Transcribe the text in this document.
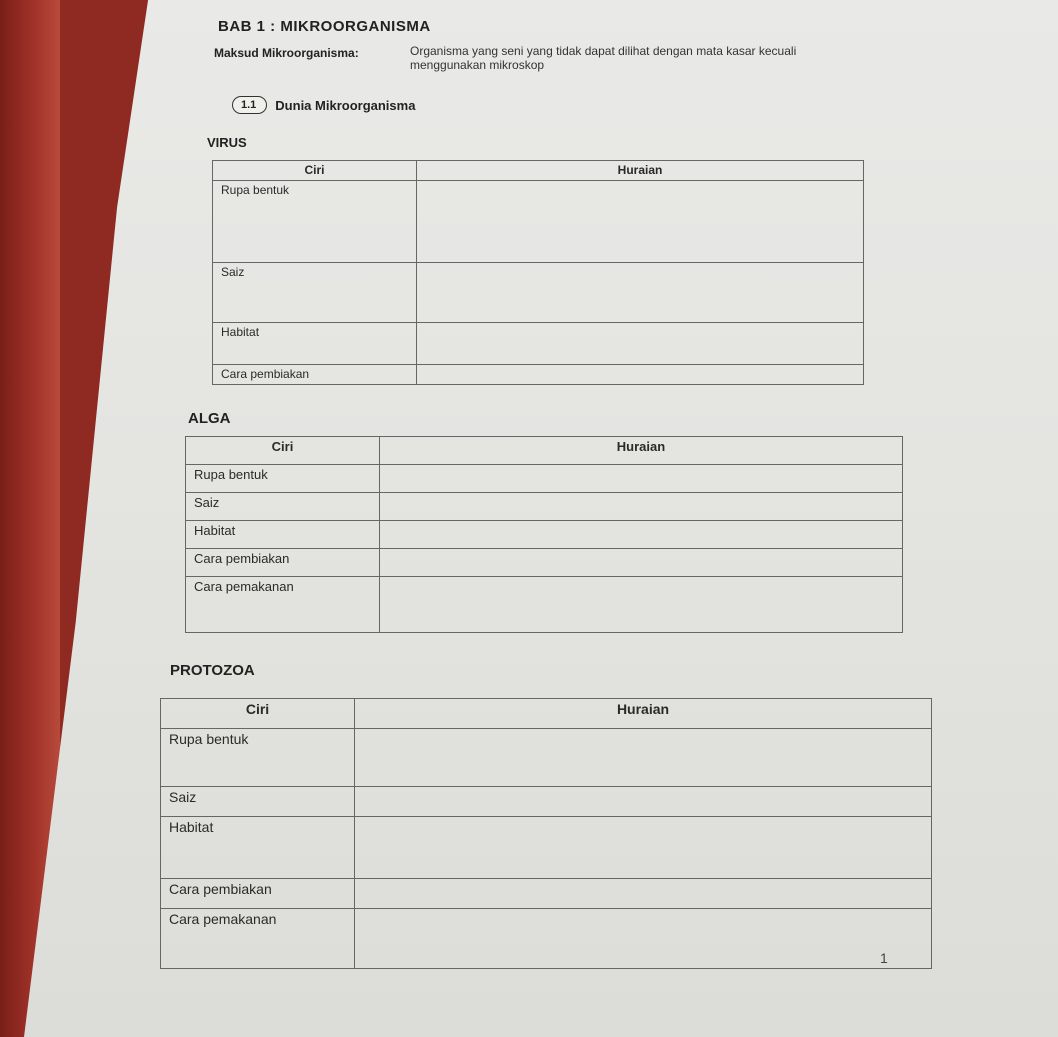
BAB 1 : MIKROORGANISMA
Maksud Mikroorganisma:	Organisma yang seni yang tidak dapat dilihat dengan mata kasar kecuali menggunakan mikroskop
1.1	Dunia Mikroorganisma
VIRUS
Ciri	Huraian
Rupa bentuk	
Saiz	
Habitat	
Cara pembiakan	
ALGA
Ciri	Huraian
Rupa bentuk	
Saiz	
Habitat	
Cara pembiakan	
Cara pemakanan	
PROTOZOA
Ciri	Huraian
Rupa bentuk	
Saiz	
Habitat	
Cara pembiakan	
Cara pemakanan	
1
